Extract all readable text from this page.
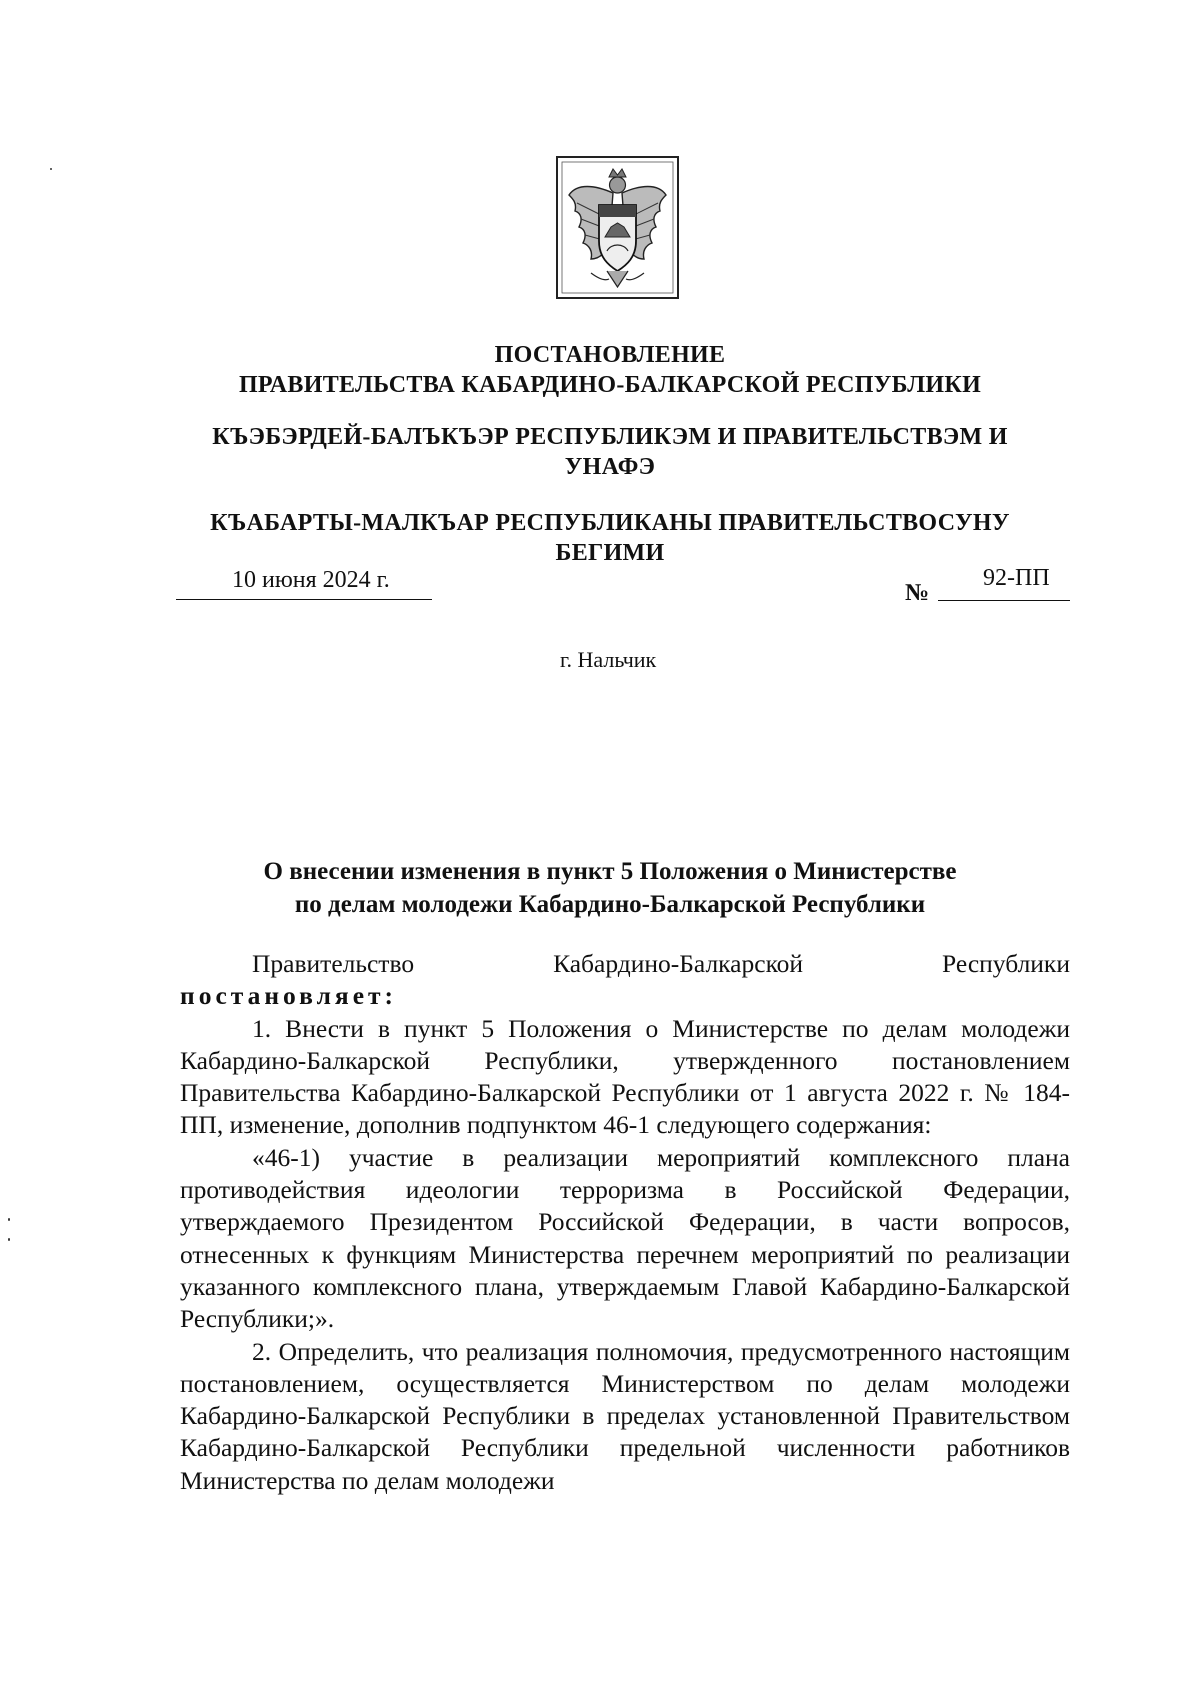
ПОСТАНОВЛЕНИЕ
ПРАВИТЕЛЬСТВА КАБАРДИНО-БАЛКАРСКОЙ РЕСПУБЛИКИ
КЪЭБЭРДЕЙ-БАЛЪКЪЭР РЕСПУБЛИКЭМ И ПРАВИТЕЛЬСТВЭМ И
УНАФЭ
КЪАБАРТЫ-МАЛКЪАР РЕСПУБЛИКАНЫ ПРАВИТЕЛЬСТВОСУНУ
БЕГИМИ
10 июня 2024 г.	№
92-ПП
г. Нальчик
О внесении изменения в пункт 5 Положения о Министерстве
по делам молодежи Кабардино-Балкарской Республики
Правительство	Кабардино-Балкарской	Республики
постановляет:

1. Внести в пункт 5 Положения о Министерстве по делам молодежи Кабардино-Балкарской Республики, утвержденного постановлением Правительства Кабардино-Балкарской Республики от 1 августа 2022 г. № 184-ПП, изменение, дополнив подпунктом 46-1 следующего содержания:

«46-1) участие в реализации мероприятий комплексного плана противодействия идеологии терроризма в Российской Федерации, утверждаемого Президентом Российской Федерации, в части вопросов, отнесенных к функциям Министерства перечнем мероприятий по реализации указанного комплексного плана, утверждаемым Главой Кабардино-Балкарской Республики;».

2. Определить, что реализация полномочия, предусмотренного настоящим постановлением, осуществляется Министерством по делам молодежи Кабардино-Балкарской Республики в пределах установленной Правительством Кабардино-Балкарской Республики предельной численности работников Министерства по делам молодежи
